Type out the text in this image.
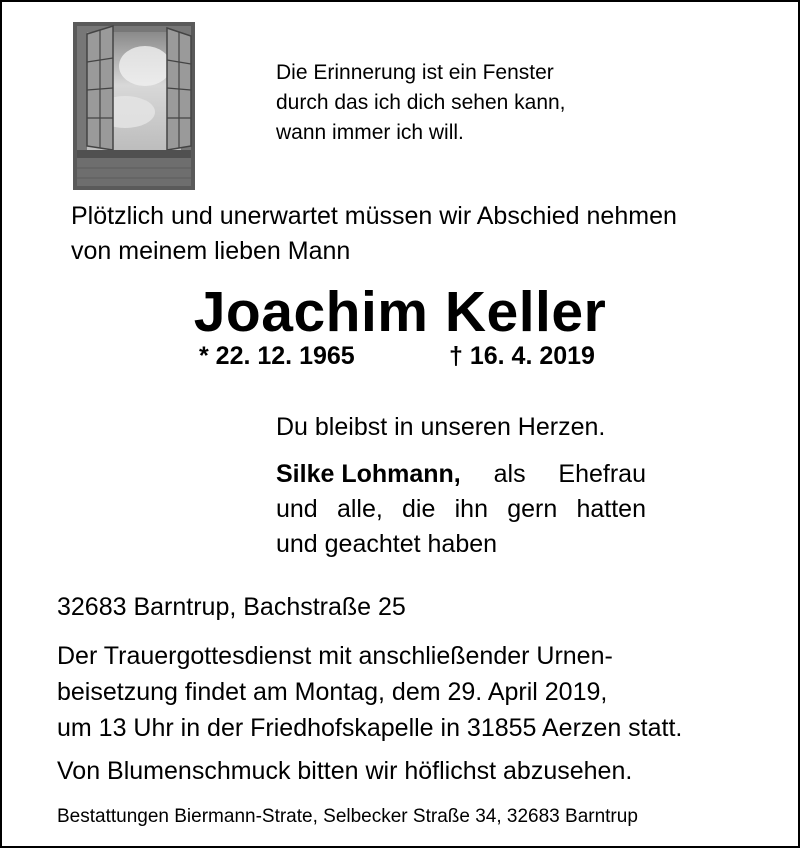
Die Erinnerung ist ein Fenster
durch das ich dich sehen kann,
wann immer ich will.
Plötzlich und unerwartet müssen wir Abschied nehmen
von meinem lieben Mann
Joachim Keller
* 22. 12. 1965	† 16. 4. 2019
Du bleibst in unseren Herzen.
Silke Lohmann, als Ehefrau
und alle, die ihn gern hatten
und geachtet haben
32683 Barntrup, Bachstraße 25
Der Trauergottesdienst mit anschließender Urnen-
beisetzung findet am Montag, dem 29. April 2019,
um 13 Uhr in der Friedhofskapelle in 31855 Aerzen statt.
Von Blumenschmuck bitten wir höflichst abzusehen.
Bestattungen Biermann-Strate, Selbecker Straße 34, 32683 Barntrup
